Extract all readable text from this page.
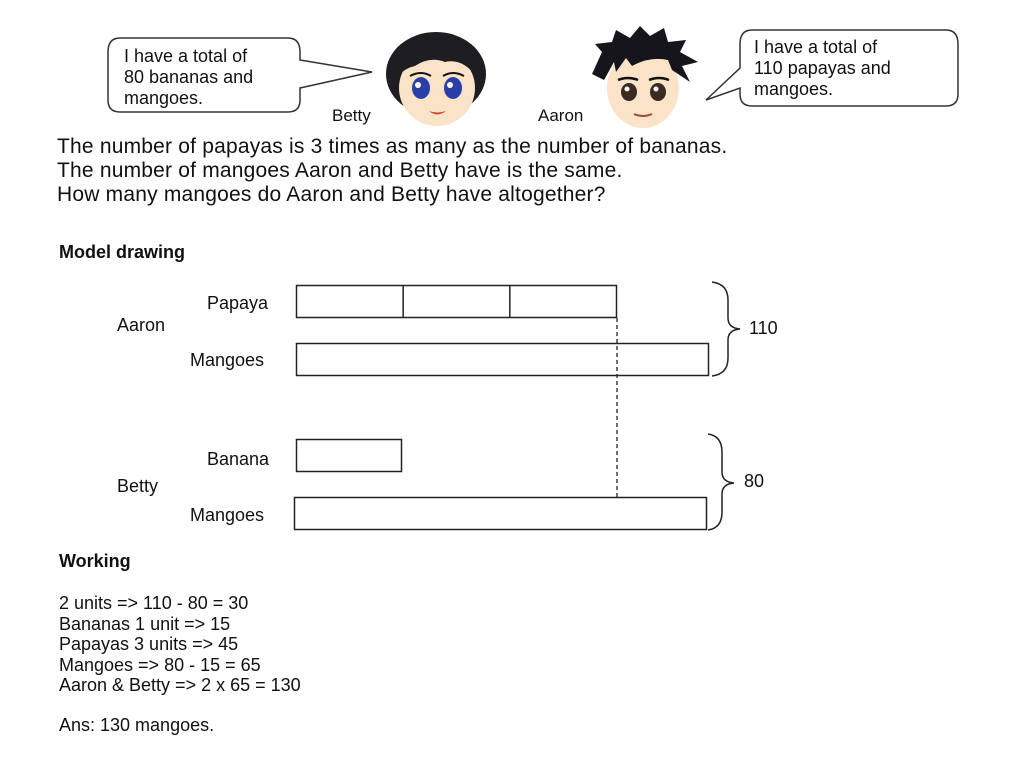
I have a total of
80 bananas and
mangoes.
I have a total of
110 papayas and
mangoes.
Betty	Aaron
The number of papayas is 3 times as many as the number of bananas.
The number of mangoes Aaron and Betty have is the same.
How many mangoes do Aaron and Betty have altogether?
Model drawing
Papaya
Aaron
Mangoes
110
Banana
Betty
Mangoes
80
Working
2 units => 110 - 80 = 30
Bananas 1 unit => 15
Papayas 3 units => 45
Mangoes => 80 - 15 = 65
Aaron & Betty => 2 x 65 = 130
Ans: 130 mangoes.
